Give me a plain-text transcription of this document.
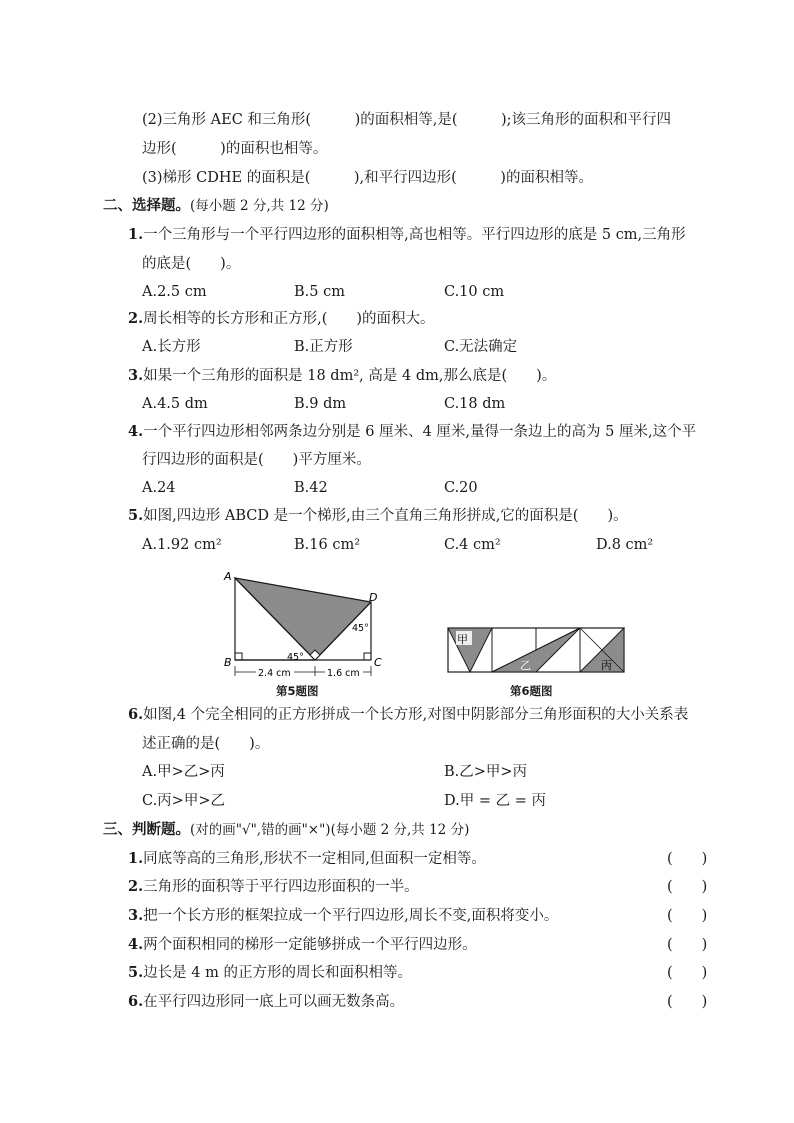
(2)三角形 AEC 和三角形(　　　)的面积相等,是(　　　);该三角形的面积和平行四
边形(　　　)的面积也相等。
(3)梯形 CDHE 的面积是(　　　),和平行四边形(　　　)的面积相等。
二、选择题。(每小题 2 分,共 12 分)
1.一个三角形与一个平行四边形的面积相等,高也相等。平行四边形的底是 5 cm,三角形
的底是(　　)。
A.2.5 cm	B.5 cm	C.10 cm
2.周长相等的长方形和正方形,(　　)的面积大。
A.长方形	B.正方形	C.无法确定
3.如果一个三角形的面积是 18 dm², 高是 4 dm,那么底是(　　)。
A.4.5 dm	B.9 dm	C.18 dm
4.一个平行四边形相邻两条边分别是 6 厘米、4 厘米,量得一条边上的高为 5 厘米,这个平
行四边形的面积是(　　)平方厘米。
A.24	B.42	C.20
5.如图,四边形 ABCD 是一个梯形,由三个直角三角形拼成,它的面积是(　　)。
A.1.92 cm²	B.16 cm²	C.4 cm²	D.8 cm²
A
B	C
D
45°
45°
2.4 cm	1.6 cm
第5题图
甲
乙	丙
第6题图
6.如图,4 个完全相同的正方形拼成一个长方形,对图中阴影部分三角形面积的大小关系表
述正确的是(　　)。
A.甲>乙>丙	B.乙>甲>丙
C.丙>甲>乙	D.甲 = 乙 = 丙
三、判断题。(对的画"√",错的画"×")(每小题 2 分,共 12 分)
1.同底等高的三角形,形状不一定相同,但面积一定相等。	(　　)
2.三角形的面积等于平行四边形面积的一半。	(　　)
3.把一个长方形的框架拉成一个平行四边形,周长不变,面积将变小。	(　　)
4.两个面积相同的梯形一定能够拼成一个平行四边形。	(　　)
5.边长是 4 m 的正方形的周长和面积相等。	(　　)
6.在平行四边形同一底上可以画无数条高。	(　　)
